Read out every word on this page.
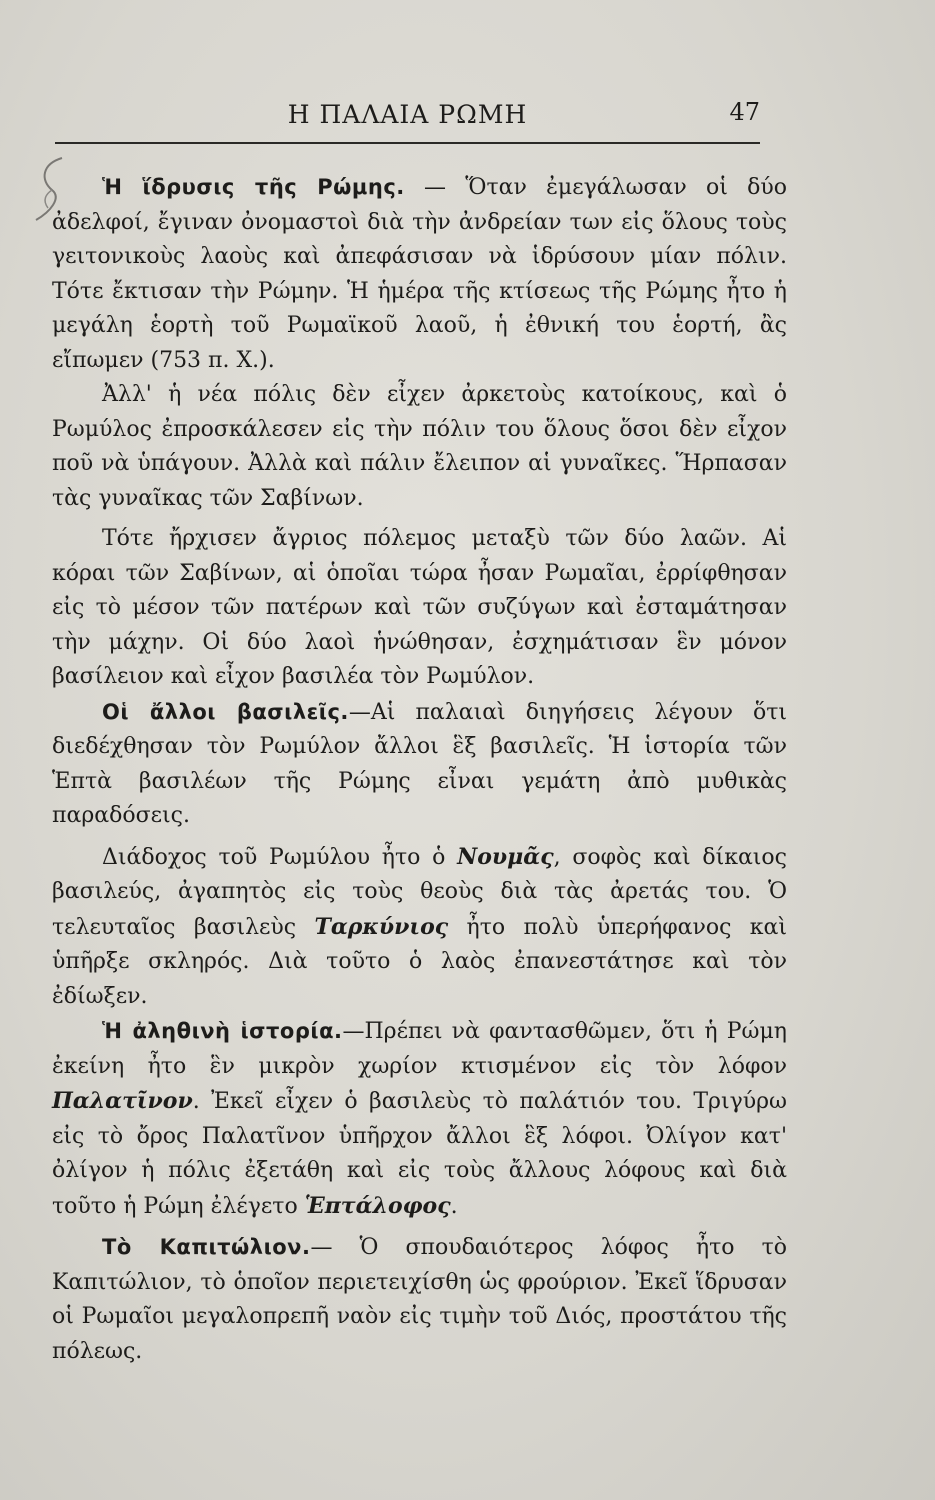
Η ΠΑΛΑΙΑ ΡΩΜΗ	47

Ἡ ἵδρυσις τῆς Ρώμης. — Ὅταν ἐμεγάλωσαν οἱ δύο ἀδελφοί, ἔγιναν ὀνομαστοὶ διὰ τὴν ἀνδρείαν των εἰς ὅλους τοὺς γειτονικοὺς λαοὺς καὶ ἀπεφάσισαν νὰ ἱδρύσουν μίαν πόλιν. Τότε ἔκτισαν τὴν Ρώμην. Ἡ ἡμέρα τῆς κτίσεως τῆς Ρώμης ἦτο ἡ μεγάλη ἑορτὴ τοῦ Ρωμαϊκοῦ λαοῦ, ἡ ἐθνική του ἑορτή, ἂς εἴπωμεν (753 π. Χ.).

Ἀλλ' ἡ νέα πόλις δὲν εἶχεν ἀρκετοὺς κατοίκους, καὶ ὁ Ρωμύλος ἐπροσκάλεσεν εἰς τὴν πόλιν του ὅλους ὅσοι δὲν εἶχον ποῦ νὰ ὑπάγουν. Ἀλλὰ καὶ πάλιν ἔλειπον αἱ γυναῖκες. Ἥρπασαν τὰς γυναῖκας τῶν Σαβίνων.

Τότε ἤρχισεν ἄγριος πόλεμος μεταξὺ τῶν δύο λαῶν. Αἱ κόραι τῶν Σαβίνων, αἱ ὁποῖαι τώρα ἦσαν Ρωμαῖαι, ἐρρίφθησαν εἰς τὸ μέσον τῶν πατέρων καὶ τῶν συζύγων καὶ ἐσταμάτησαν τὴν μάχην. Οἱ δύο λαοὶ ἡνώθησαν, ἐσχημάτισαν ἓν μόνον βασίλειον καὶ εἶχον βασιλέα τὸν Ρωμύλον.

Οἱ ἄλλοι βασιλεῖς.—Αἱ παλαιαὶ διηγήσεις λέγουν ὅτι διεδέχθησαν τὸν Ρωμύλον ἄλλοι ἓξ βασιλεῖς. Ἡ ἱστορία τῶν Ἑπτὰ βασιλέων τῆς Ρώμης εἶναι γεμάτη ἀπὸ μυθικὰς παραδόσεις.

Διάδοχος τοῦ Ρωμύλου ἦτο ὁ Νουμᾶς, σοφὸς καὶ δίκαιος βασιλεύς, ἀγαπητὸς εἰς τοὺς θεοὺς διὰ τὰς ἀρετάς του. Ὁ τελευταῖος βασιλεὺς Ταρκύνιος ἦτο πολὺ ὑπερήφανος καὶ ὑπῆρξε σκληρός. Διὰ τοῦτο ὁ λαὸς ἐπανεστάτησε καὶ τὸν ἐδίωξεν.

Ἡ ἀληθινὴ ἱστορία.—Πρέπει νὰ φαντασθῶμεν, ὅτι ἡ Ρώμη ἐκείνη ἦτο ἓν μικρὸν χωρίον κτισμένον εἰς τὸν λόφον Παλατῖνον. Ἐκεῖ εἶχεν ὁ βασιλεὺς τὸ παλάτιόν του. Τριγύρω εἰς τὸ ὄρος Παλατῖνον ὑπῆρχον ἄλλοι ἓξ λόφοι. Ὀλίγον κατ' ὀλίγον ἡ πόλις ἐξετάθη καὶ εἰς τοὺς ἄλλους λόφους καὶ διὰ τοῦτο ἡ Ρώμη ἐλέγετο Ἑπτάλοφος.

Τὸ Καπιτώλιον.— Ὁ σπουδαιότερος λόφος ἦτο τὸ Καπιτώλιον, τὸ ὁποῖον περιετειχίσθη ὡς φρούριον. Ἐκεῖ ἵδρυσαν οἱ Ρωμαῖοι μεγαλοπρεπῆ ναὸν εἰς τιμὴν τοῦ Διός, προστάτου τῆς πόλεως.
